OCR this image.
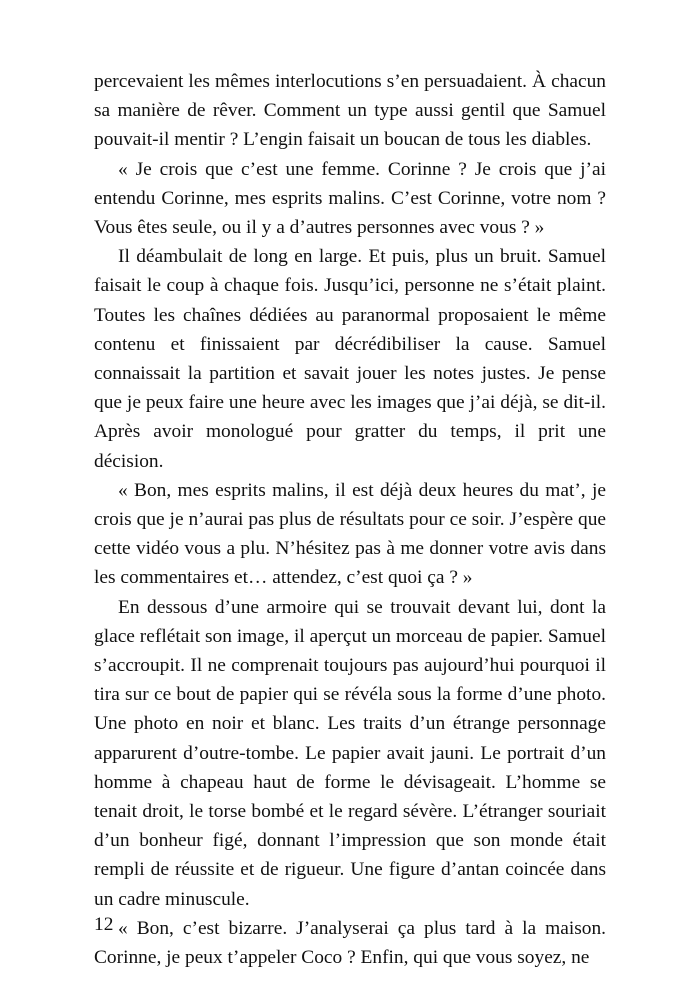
percevaient les mêmes interlocutions s’en persuadaient. À chacun sa manière de rêver. Comment un type aussi gentil que Samuel pouvait-il mentir ? L’engin faisait un boucan de tous les diables.

« Je crois que c’est une femme. Corinne ? Je crois que j’ai entendu Corinne, mes esprits malins. C’est Corinne, votre nom ? Vous êtes seule, ou il y a d’autres personnes avec vous ? »

Il déambulait de long en large. Et puis, plus un bruit. Samuel faisait le coup à chaque fois. Jusqu’ici, personne ne s’était plaint. Toutes les chaînes dédiées au paranormal proposaient le même contenu et finissaient par décrédibiliser la cause. Samuel connaissait la partition et savait jouer les notes justes. Je pense que je peux faire une heure avec les images que j’ai déjà, se dit-il. Après avoir monologué pour gratter du temps, il prit une décision.

« Bon, mes esprits malins, il est déjà deux heures du mat’, je crois que je n’aurai pas plus de résultats pour ce soir. J’espère que cette vidéo vous a plu. N’hésitez pas à me donner votre avis dans les commentaires et… attendez, c’est quoi ça ? »

En dessous d’une armoire qui se trouvait devant lui, dont la glace reflétait son image, il aperçut un morceau de papier. Samuel s’accroupit. Il ne comprenait toujours pas aujourd’hui pourquoi il tira sur ce bout de papier qui se révéla sous la forme d’une photo. Une photo en noir et blanc. Les traits d’un étrange personnage apparurent d’outre-tombe. Le papier avait jauni. Le portrait d’un homme à chapeau haut de forme le dévisageait. L’homme se tenait droit, le torse bombé et le regard sévère. L’étranger souriait d’un bonheur figé, donnant l’impression que son monde était rempli de réussite et de rigueur. Une figure d’antan coincée dans un cadre minuscule.

« Bon, c’est bizarre. J’analyserai ça plus tard à la maison. Corinne, je peux t’appeler Coco ? Enfin, qui que vous soyez, ne

12
